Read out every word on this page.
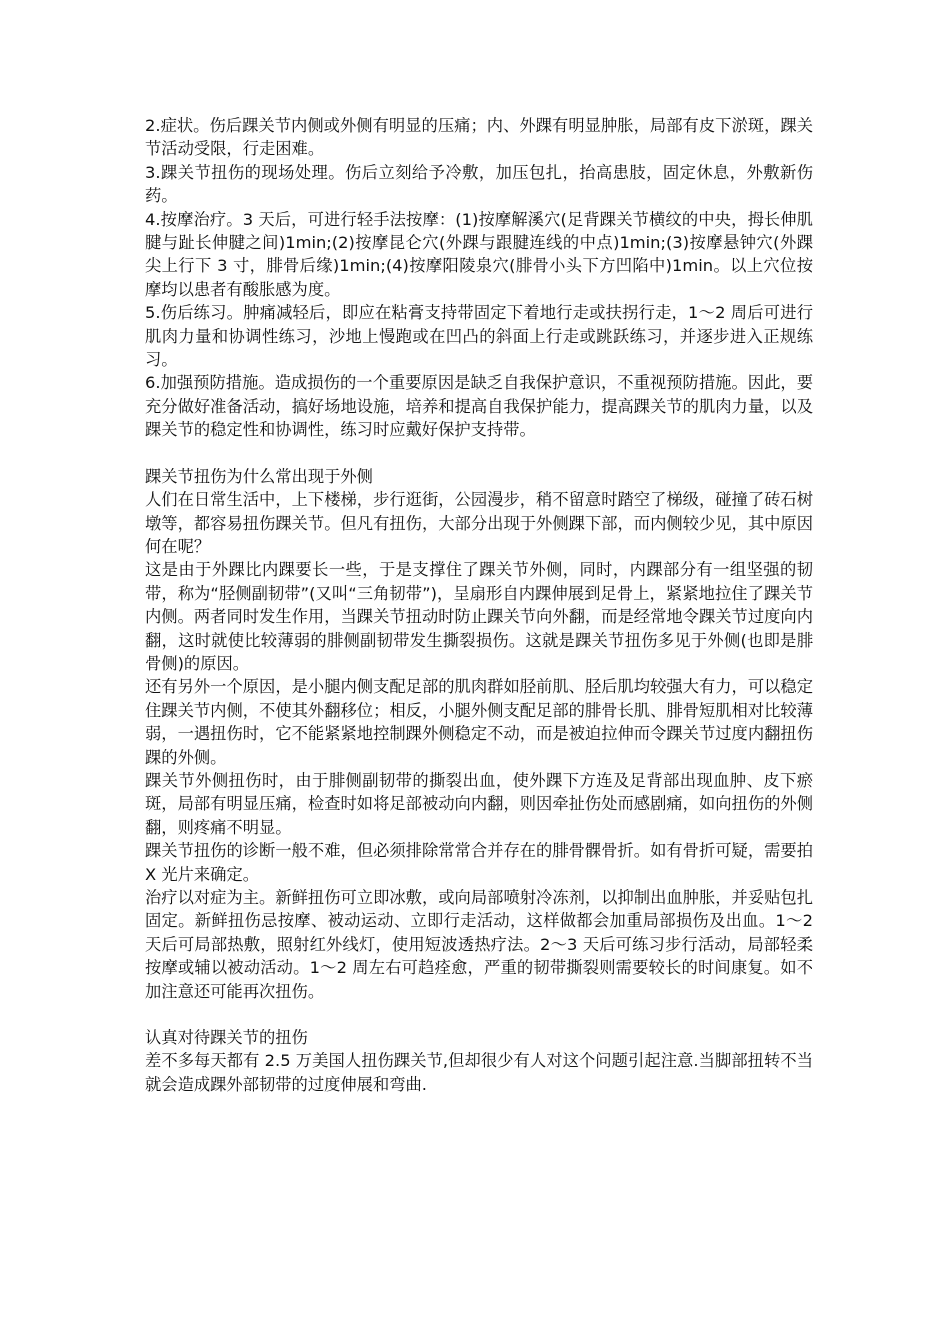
2.症状。伤后踝关节内侧或外侧有明显的压痛；内、外踝有明显肿胀，局部有皮下淤斑，踝关节活动受限，行走困难。

3.踝关节扭伤的现场处理。伤后立刻给予冷敷，加压包扎，抬高患肢，固定休息，外敷新伤药。

4.按摩治疗。3 天后，可进行轻手法按摩：(1)按摩解溪穴(足背踝关节横纹的中央，拇长伸肌腱与趾长伸腱之间)1min;(2)按摩昆仑穴(外踝与跟腱连线的中点)1min;(3)按摩悬钟穴(外踝尖上行下 3 寸，腓骨后缘)1min;(4)按摩阳陵泉穴(腓骨小头下方凹陷中)1min。以上穴位按摩均以患者有酸胀感为度。

5.伤后练习。肿痛减轻后，即应在粘膏支持带固定下着地行走或扶拐行走，1～2 周后可进行肌肉力量和协调性练习，沙地上慢跑或在凹凸的斜面上行走或跳跃练习，并逐步进入正规练习。

6.加强预防措施。造成损伤的一个重要原因是缺乏自我保护意识，不重视预防措施。因此，要充分做好准备活动，搞好场地设施，培养和提高自我保护能力，提高踝关节的肌肉力量，以及踝关节的稳定性和协调性，练习时应戴好保护支持带。

踝关节扭伤为什么常出现于外侧

人们在日常生活中，上下楼梯，步行逛街，公园漫步，稍不留意时踏空了梯级，碰撞了砖石树墩等，都容易扭伤踝关节。但凡有扭伤，大部分出现于外侧踝下部，而内侧较少见，其中原因何在呢？

这是由于外踝比内踝要长一些，于是支撑住了踝关节外侧，同时，内踝部分有一组坚强的韧带，称为“胫侧副韧带”(又叫“三角韧带”)，呈扇形自内踝伸展到足骨上，紧紧地拉住了踝关节内侧。两者同时发生作用，当踝关节扭动时防止踝关节向外翻，而是经常地令踝关节过度向内翻，这时就使比较薄弱的腓侧副韧带发生撕裂损伤。这就是踝关节扭伤多见于外侧(也即是腓骨侧)的原因。

还有另外一个原因，是小腿内侧支配足部的肌肉群如胫前肌、胫后肌均较强大有力，可以稳定住踝关节内侧，不使其外翻移位；相反，小腿外侧支配足部的腓骨长肌、腓骨短肌相对比较薄弱，一遇扭伤时，它不能紧紧地控制踝外侧稳定不动，而是被迫拉伸而令踝关节过度内翻扭伤踝的外侧。

踝关节外侧扭伤时，由于腓侧副韧带的撕裂出血，使外踝下方连及足背部出现血肿、皮下瘀斑，局部有明显压痛，检查时如将足部被动向内翻，则因牵扯伤处而感剧痛，如向扭伤的外侧翻，则疼痛不明显。

踝关节扭伤的诊断一般不难，但必须排除常常合并存在的腓骨髁骨折。如有骨折可疑，需要拍 X 光片来确定。

治疗以对症为主。新鲜扭伤可立即冰敷，或向局部喷射冷冻剂，以抑制出血肿胀，并妥贴包扎固定。新鲜扭伤忌按摩、被动运动、立即行走活动，这样做都会加重局部损伤及出血。1～2 天后可局部热敷，照射红外线灯，使用短波透热疗法。2～3 天后可练习步行活动，局部轻柔按摩或辅以被动活动。1～2 周左右可趋痊愈，严重的韧带撕裂则需要较长的时间康复。如不加注意还可能再次扭伤。

认真对待踝关节的扭伤

差不多每天都有 2.5 万美国人扭伤踝关节,但却很少有人对这个问题引起注意.当脚部扭转不当就会造成踝外部韧带的过度伸展和弯曲.
